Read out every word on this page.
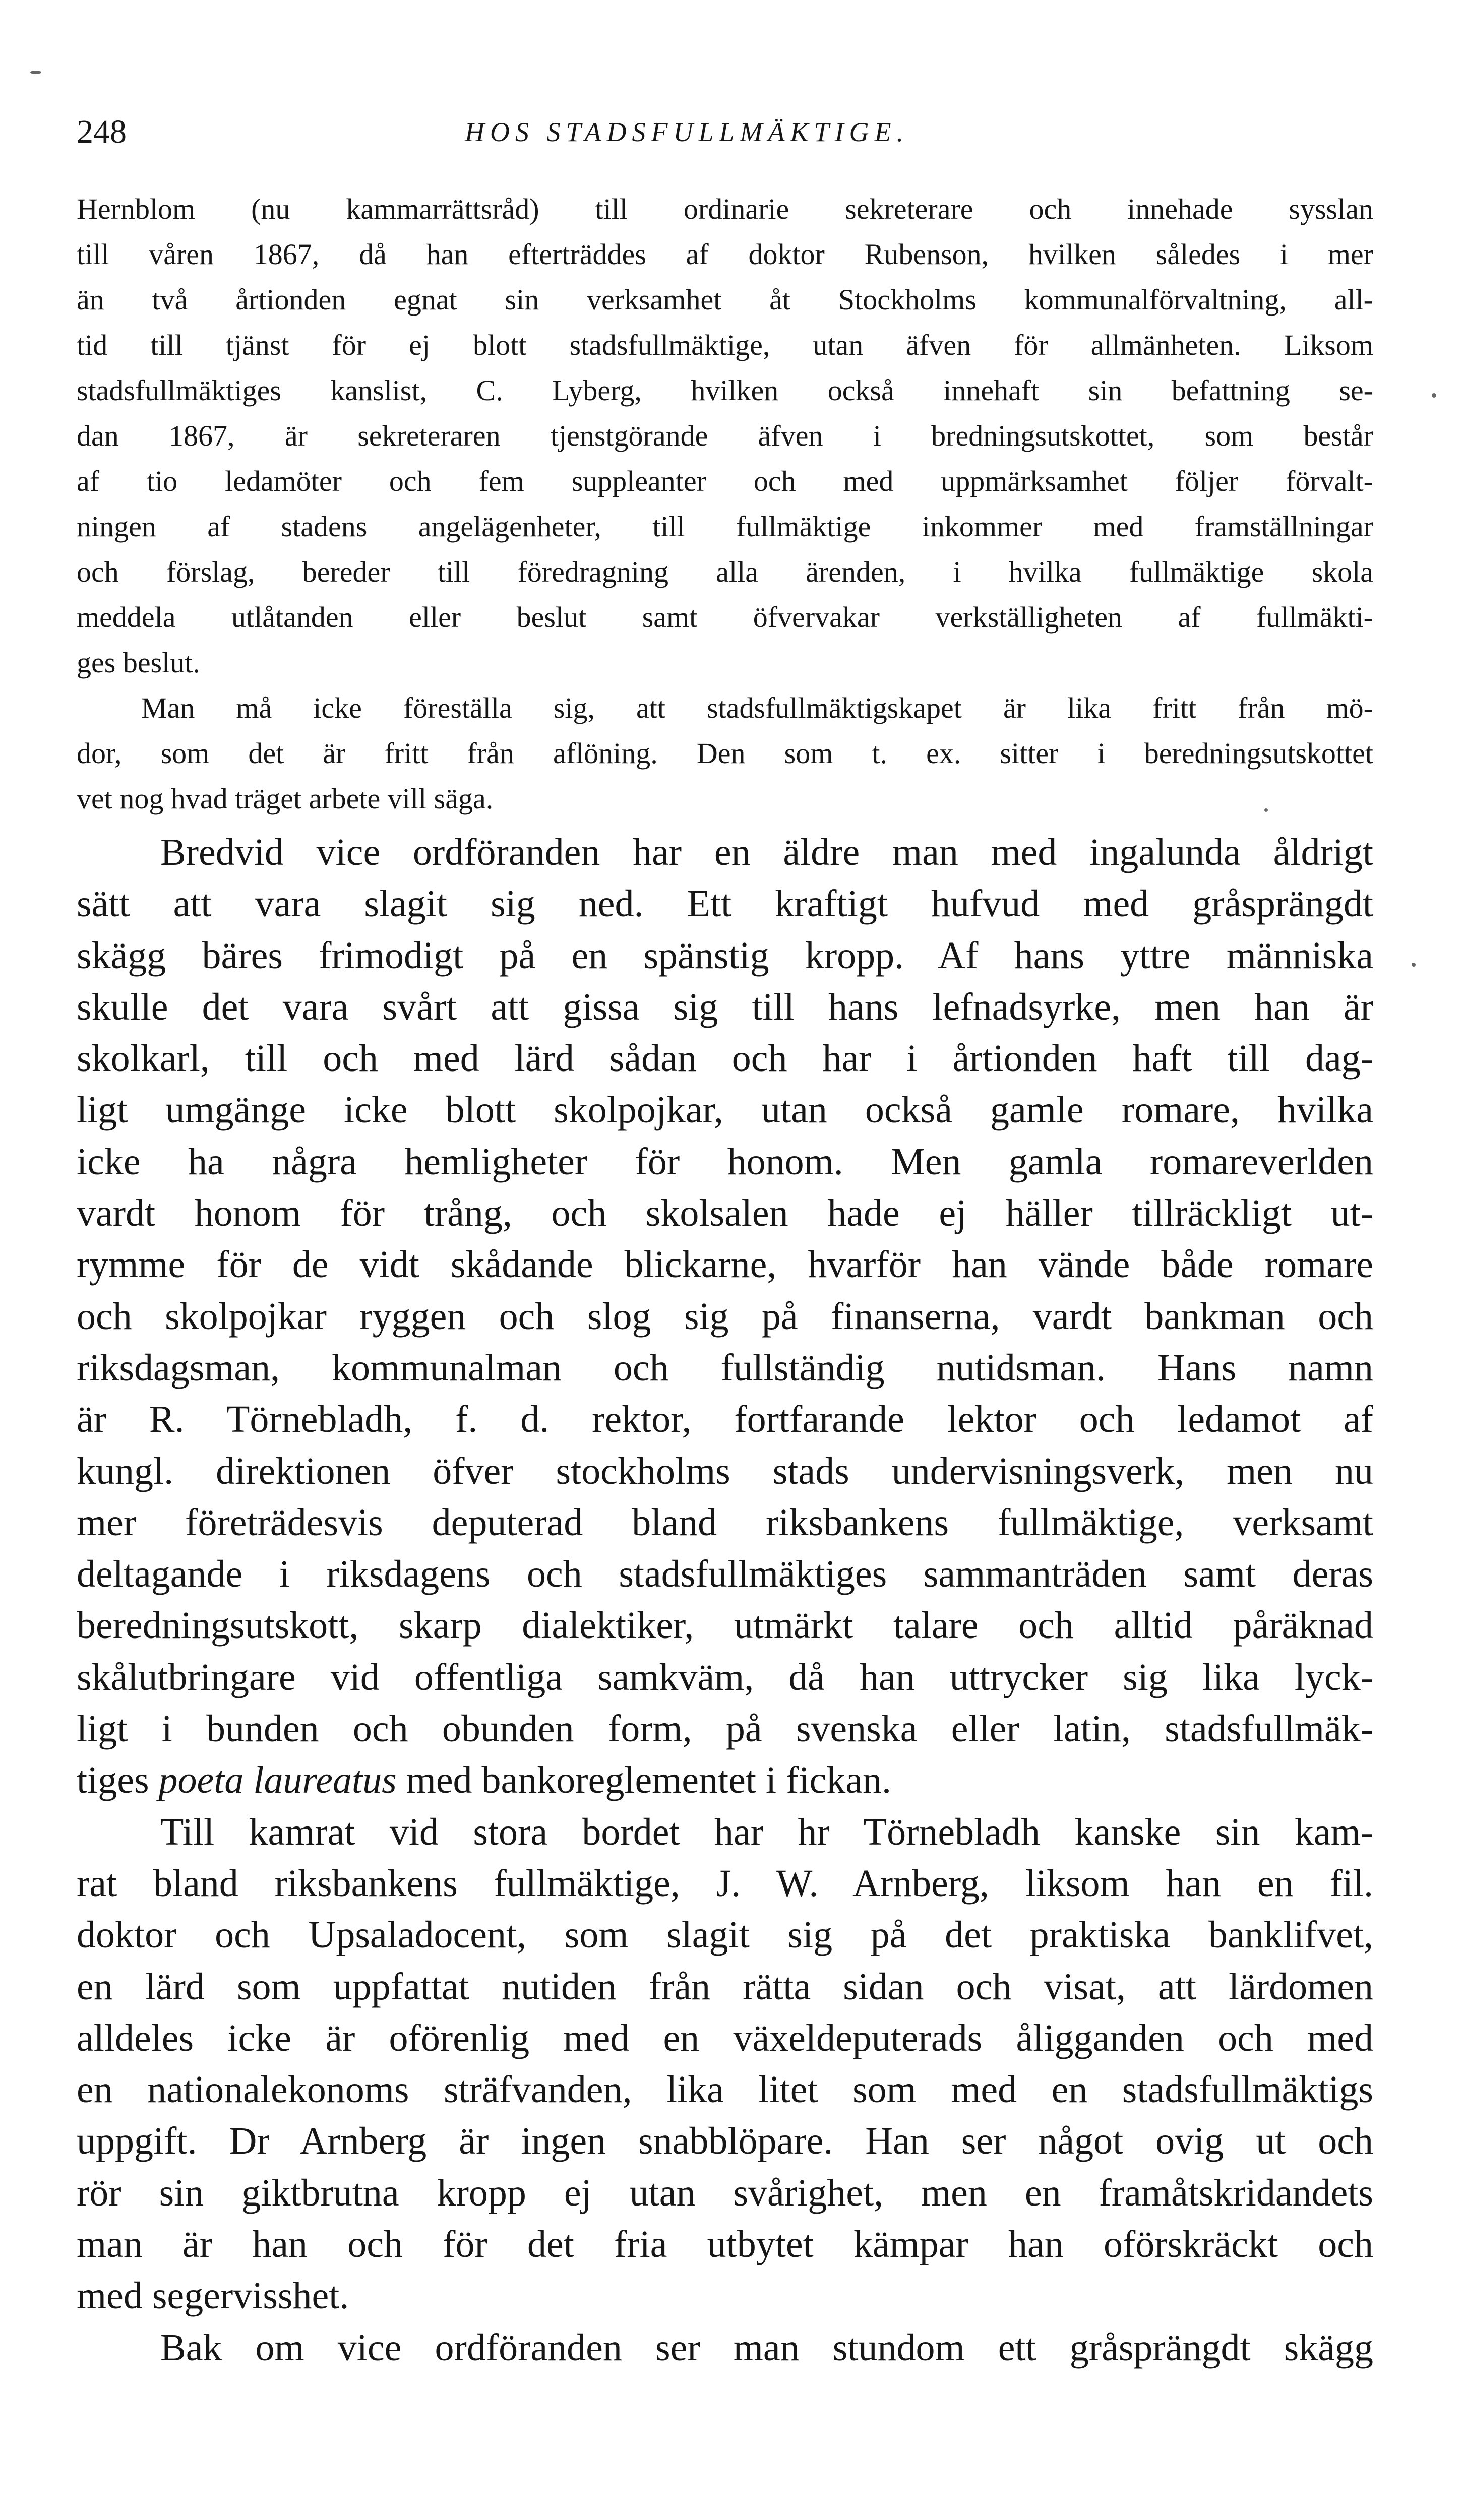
248	HOS STADSFULLMÄKTIGE.
Hernblom (nu kammarrättsråd) till ordinarie sekreterare och innehade sysslan
till våren 1867, då han efterträddes af doktor Rubenson, hvilken således i mer
än två årtionden egnat sin verksamhet åt Stockholms kommunalförvaltning, all-
tid till tjänst för ej blott stadsfullmäktige, utan äfven för allmänheten. Liksom
stadsfullmäktiges kanslist, C. Lyberg, hvilken också innehaft sin befattning se-
dan 1867, är sekreteraren tjenstgörande äfven i bredningsutskottet, som består
af tio ledamöter och fem suppleanter och med uppmärksamhet följer förvalt-
ningen af stadens angelägenheter, till fullmäktige inkommer med framställningar
och förslag, bereder till föredragning alla ärenden, i hvilka fullmäktige skola
meddela utlåtanden eller beslut samt öfvervakar verkställigheten af fullmäkti-
ges beslut.
Man må icke föreställa sig, att stadsfullmäktigskapet är lika fritt från mö-
dor, som det är fritt från aflöning. Den som t. ex. sitter i beredningsutskottet
vet nog hvad träget arbete vill säga.
Bredvid vice ordföranden har en äldre man med ingalunda åldrigt
sätt att vara slagit sig ned. Ett kraftigt hufvud med gråsprängdt
skägg bäres frimodigt på en spänstig kropp. Af hans yttre människa
skulle det vara svårt att gissa sig till hans lefnadsyrke, men han är
skolkarl, till och med lärd sådan och har i årtionden haft till dag-
ligt umgänge icke blott skolpojkar, utan också gamle romare, hvilka
icke ha några hemligheter för honom. Men gamla romareverlden
vardt honom för trång, och skolsalen hade ej häller tillräckligt ut-
rymme för de vidt skådande blickarne, hvarför han vände både romare
och skolpojkar ryggen och slog sig på finanserna, vardt bankman och
riksdagsman, kommunalman och fullständig nutidsman. Hans namn
är R. Törnebladh, f. d. rektor, fortfarande lektor och ledamot af
kungl. direktionen öfver stockholms stads undervisningsverk, men nu
mer företrädesvis deputerad bland riksbankens fullmäktige, verksamt
deltagande i riksdagens och stadsfullmäktiges sammanträden samt deras
beredningsutskott, skarp dialektiker, utmärkt talare och alltid påräknad
skålutbringare vid offentliga samkväm, då han uttrycker sig lika lyck-
ligt i bunden och obunden form, på svenska eller latin, stadsfullmäk-
tiges poeta laureatus med bankoreglementet i fickan.
Till kamrat vid stora bordet har hr Törnebladh kanske sin kam-
rat bland riksbankens fullmäktige, J. W. Arnberg, liksom han en fil.
doktor och Upsaladocent, som slagit sig på det praktiska banklifvet,
en lärd som uppfattat nutiden från rätta sidan och visat, att lärdomen
alldeles icke är oförenlig med en växeldeputerads åligganden och med
en nationalekonoms sträfvanden, lika litet som med en stadsfullmäktigs
uppgift. Dr Arnberg är ingen snabblöpare. Han ser något ovig ut och
rör sin giktbrutna kropp ej utan svårighet, men en framåtskridandets
man är han och för det fria utbytet kämpar han oförskräckt och
med segervisshet.
Bak om vice ordföranden ser man stundom ett gråsprängdt skägg
